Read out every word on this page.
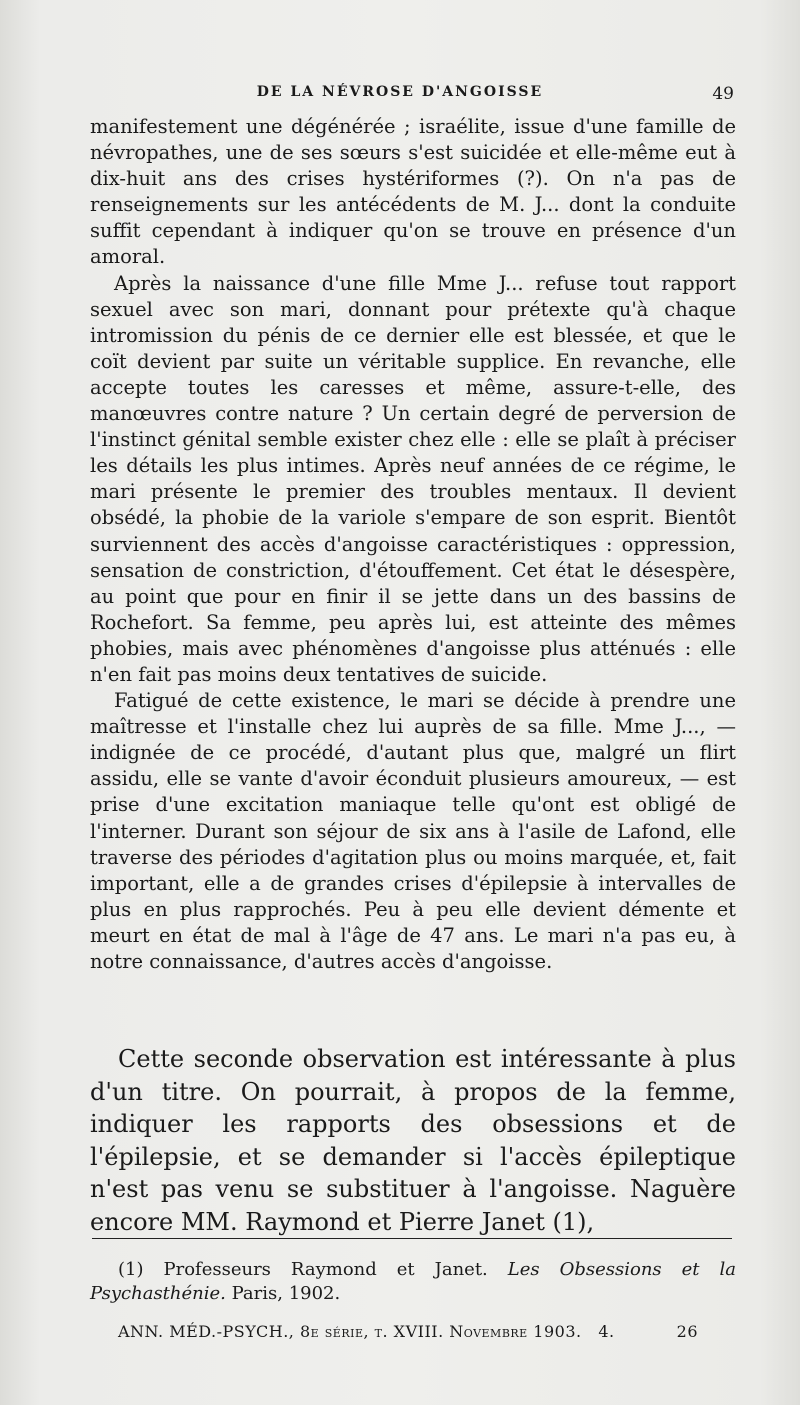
DE LA NÉVROSE D'ANGOISSE	49

manifestement une dégénérée ; israélite, issue d'une famille de névropathes, une de ses sœurs s'est suicidée et elle-même eut à dix-huit ans des crises hystériformes (?). On n'a pas de renseignements sur les antécédents de M. J... dont la conduite suffit cependant à indiquer qu'on se trouve en présence d'un amoral.

Après la naissance d'une fille Mme J... refuse tout rapport sexuel avec son mari, donnant pour prétexte qu'à chaque intromission du pénis de ce dernier elle est blessée, et que le coït devient par suite un véritable supplice. En revanche, elle accepte toutes les caresses et même, assure-t-elle, des manœuvres contre nature ? Un certain degré de perversion de l'instinct génital semble exister chez elle : elle se plaît à préciser les détails les plus intimes. Après neuf années de ce régime, le mari présente le premier des troubles mentaux. Il devient obsédé, la phobie de la variole s'empare de son esprit. Bientôt surviennent des accès d'angoisse caractéristiques : oppression, sensation de constriction, d'étouffement. Cet état le désespère, au point que pour en finir il se jette dans un des bassins de Rochefort. Sa femme, peu après lui, est atteinte des mêmes phobies, mais avec phénomènes d'angoisse plus atténués : elle n'en fait pas moins deux tentatives de suicide.

Fatigué de cette existence, le mari se décide à prendre une maîtresse et l'installe chez lui auprès de sa fille. Mme J..., — indignée de ce procédé, d'autant plus que, malgré un flirt assidu, elle se vante d'avoir éconduit plusieurs amoureux, — est prise d'une excitation maniaque telle qu'ont est obligé de l'interner. Durant son séjour de six ans à l'asile de Lafond, elle traverse des périodes d'agitation plus ou moins marquée, et, fait important, elle a de grandes crises d'épilepsie à intervalles de plus en plus rapprochés. Peu à peu elle devient démente et meurt en état de mal à l'âge de 47 ans. Le mari n'a pas eu, à notre connaissance, d'autres accès d'angoisse.

Cette seconde observation est intéressante à plus d'un titre. On pourrait, à propos de la femme, indiquer les rapports des obsessions et de l'épilepsie, et se demander si l'accès épileptique n'est pas venu se substituer à l'angoisse. Naguère encore MM. Raymond et Pierre Janet (1),

(1) Professeurs Raymond et Janet. Les Obsessions et la Psychasthénie. Paris, 1902.
ANN. MÉD.-PSYCH., 8e série, t. XVIII. Novembre 1903. 4.	26
